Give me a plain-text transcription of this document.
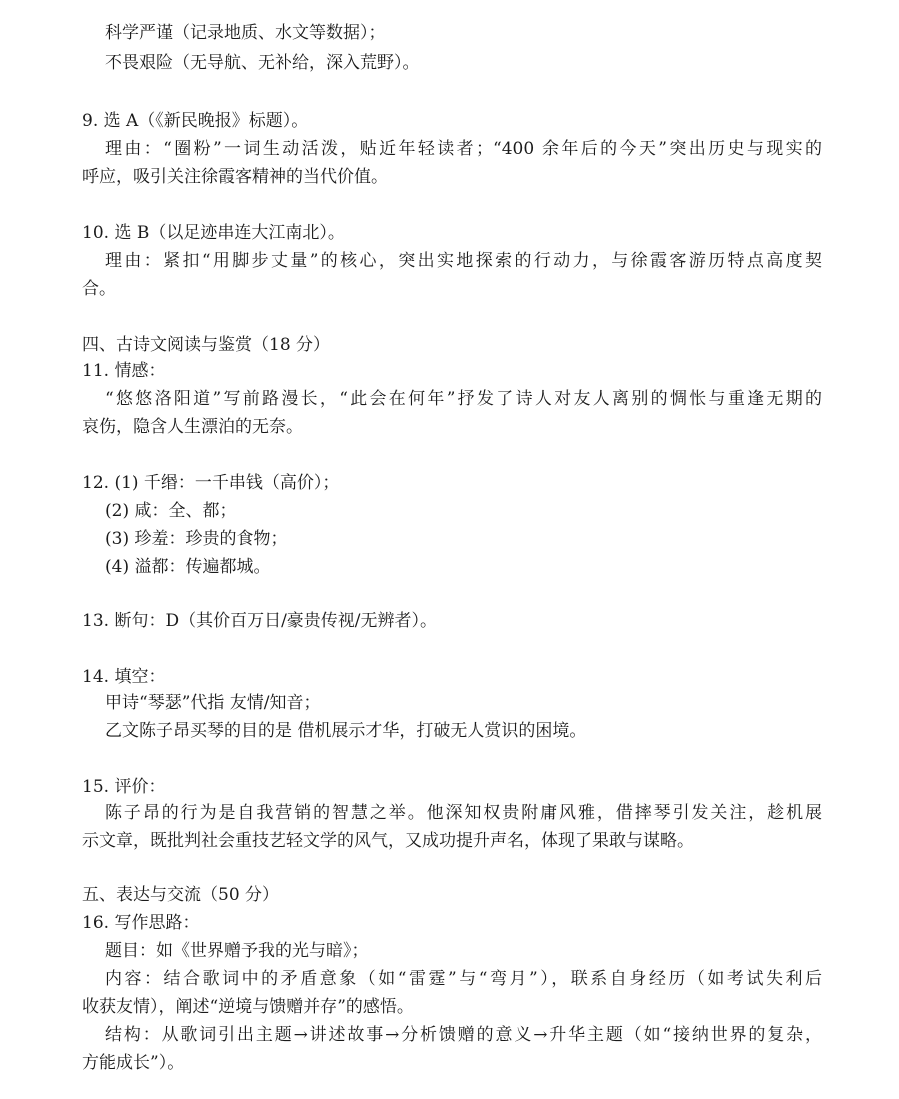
科学严谨（记录地质、水文等数据）；
不畏艰险（无导航、无补给，深入荒野）。
9. 选 A（《新民晚报》标题）。
理由：“圈粉”一词生动活泼，贴近年轻读者；“400 余年后的今天”突出历史与现实的
呼应，吸引关注徐霞客精神的当代价值。
10. 选 B（以足迹串连大江南北）。
理由：紧扣“用脚步丈量”的核心，突出实地探索的行动力，与徐霞客游历特点高度契
合。
四、古诗文阅读与鉴赏（18 分）
11. 情感：
“悠悠洛阳道”写前路漫长，“此会在何年”抒发了诗人对友人离别的惆怅与重逢无期的
哀伤，隐含人生漂泊的无奈。
12. (1) 千缗：一千串钱（高价）；
(2) 咸：全、都；
(3) 珍羞：珍贵的食物；
(4) 溢都：传遍都城。
13. 断句：D（其价百万日/豪贵传视/无辨者）。
14. 填空：
甲诗“琴瑟”代指 友情/知音；
乙文陈子昂买琴的目的是 借机展示才华，打破无人赏识的困境。
15. 评价：
陈子昂的行为是自我营销的智慧之举。他深知权贵附庸风雅，借摔琴引发关注，趁机展
示文章，既批判社会重技艺轻文学的风气，又成功提升声名，体现了果敢与谋略。
五、表达与交流（50 分）
16. 写作思路：
题目：如《世界赠予我的光与暗》；
内容：结合歌词中的矛盾意象（如“雷霆”与“弯月”），联系自身经历（如考试失利后
收获友情），阐述“逆境与馈赠并存”的感悟。
结构：从歌词引出主题→讲述故事→分析馈赠的意义→升华主题（如“接纳世界的复杂，
方能成长”）。
